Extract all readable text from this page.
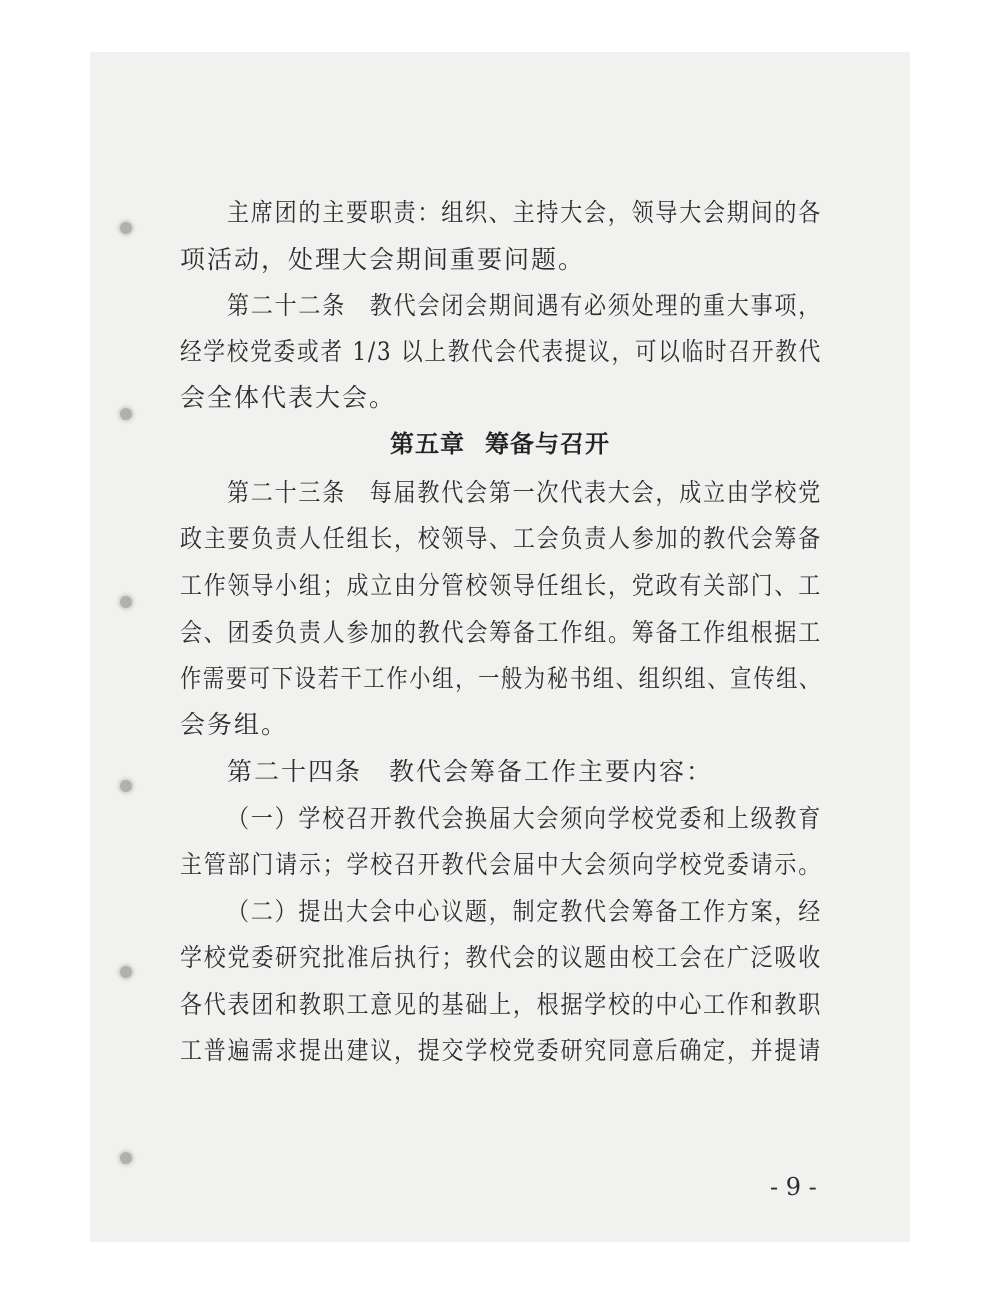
主席团的主要职责：组织、主持大会，领导大会期间的各

项活动，处理大会期间重要问题。

第二十二条　教代会闭会期间遇有必须处理的重大事项，

经学校党委或者 1/3 以上教代会代表提议，可以临时召开教代

会全体代表大会。

第五章 筹备与召开

第二十三条　每届教代会第一次代表大会，成立由学校党

政主要负责人任组长，校领导、工会负责人参加的教代会筹备

工作领导小组；成立由分管校领导任组长，党政有关部门、工

会、团委负责人参加的教代会筹备工作组。筹备工作组根据工

作需要可下设若干工作小组，一般为秘书组、组织组、宣传组、

会务组。

第二十四条　教代会筹备工作主要内容：

（一）学校召开教代会换届大会须向学校党委和上级教育

主管部门请示；学校召开教代会届中大会须向学校党委请示。

（二）提出大会中心议题，制定教代会筹备工作方案，经

学校党委研究批准后执行；教代会的议题由校工会在广泛吸收

各代表团和教职工意见的基础上，根据学校的中心工作和教职

工普遍需求提出建议，提交学校党委研究同意后确定，并提请

- 9 -
